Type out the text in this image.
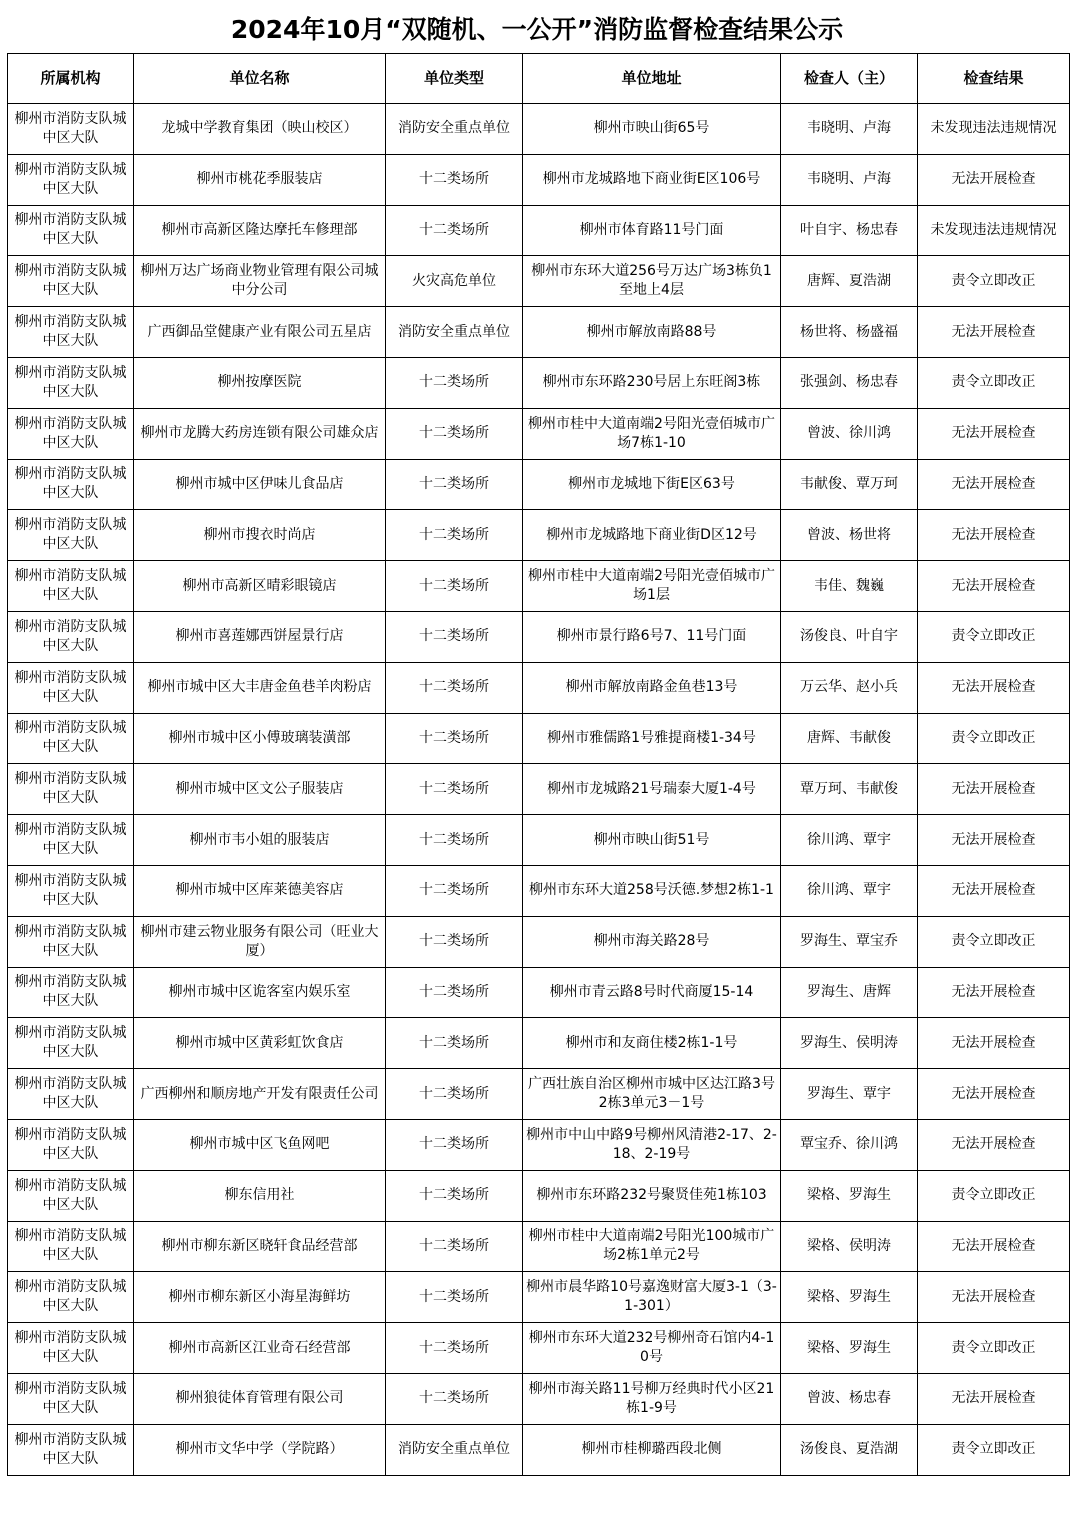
2024年10月“双随机、一公开”消防监督检查结果公示
所属机构	单位名称	单位类型	单位地址	检查人（主）	检查结果
柳州市消防支队城中区大队	龙城中学教育集团（映山校区）	消防安全重点单位	柳州市映山街65号	韦晓明、卢海	未发现违法违规情况
柳州市消防支队城中区大队	柳州市桃花季服装店	十二类场所	柳州市龙城路地下商业街E区106号	韦晓明、卢海	无法开展检查
柳州市消防支队城中区大队	柳州市高新区隆达摩托车修理部	十二类场所	柳州市体育路11号门面	叶自宇、杨忠春	未发现违法违规情况
柳州市消防支队城中区大队	柳州万达广场商业物业管理有限公司城中分公司	火灾高危单位	柳州市东环大道256号万达广场3栋负1至地上4层	唐辉、夏浩湖	责令立即改正
柳州市消防支队城中区大队	广西御品堂健康产业有限公司五星店	消防安全重点单位	柳州市解放南路88号	杨世将、杨盛福	无法开展检查
柳州市消防支队城中区大队	柳州按摩医院	十二类场所	柳州市东环路230号居上东旺阁3栋	张强剑、杨忠春	责令立即改正
柳州市消防支队城中区大队	柳州市龙腾大药房连锁有限公司雄众店	十二类场所	柳州市桂中大道南端2号阳光壹佰城市广场7栋1-10	曾波、徐川鸿	无法开展检查
柳州市消防支队城中区大队	柳州市城中区伊味儿食品店	十二类场所	柳州市龙城地下街E区63号	韦献俊、覃万珂	无法开展检查
柳州市消防支队城中区大队	柳州市搜衣时尚店	十二类场所	柳州市龙城路地下商业街D区12号	曾波、杨世将	无法开展检查
柳州市消防支队城中区大队	柳州市高新区晴彩眼镜店	十二类场所	柳州市桂中大道南端2号阳光壹佰城市广场1层	韦佳、魏巍	无法开展检查
柳州市消防支队城中区大队	柳州市喜莲娜西饼屋景行店	十二类场所	柳州市景行路6号7、11号门面	汤俊良、叶自宇	责令立即改正
柳州市消防支队城中区大队	柳州市城中区大丰唐金鱼巷羊肉粉店	十二类场所	柳州市解放南路金鱼巷13号	万云华、赵小兵	无法开展检查
柳州市消防支队城中区大队	柳州市城中区小傅玻璃装潢部	十二类场所	柳州市雅儒路1号雅提商楼1-34号	唐辉、韦献俊	责令立即改正
柳州市消防支队城中区大队	柳州市城中区文公子服装店	十二类场所	柳州市龙城路21号瑞泰大厦1-4号	覃万珂、韦献俊	无法开展检查
柳州市消防支队城中区大队	柳州市韦小姐的服装店	十二类场所	柳州市映山街51号	徐川鸿、覃宇	无法开展检查
柳州市消防支队城中区大队	柳州市城中区库莱德美容店	十二类场所	柳州市东环大道258号沃德.梦想2栋1-1	徐川鸿、覃宇	无法开展检查
柳州市消防支队城中区大队	柳州市建云物业服务有限公司（旺业大厦）	十二类场所	柳州市海关路28号	罗海生、覃宝乔	责令立即改正
柳州市消防支队城中区大队	柳州市城中区诡客室内娱乐室	十二类场所	柳州市青云路8号时代商厦15-14	罗海生、唐辉	无法开展检查
柳州市消防支队城中区大队	柳州市城中区黄彩虹饮食店	十二类场所	柳州市和友商住楼2栋1-1号	罗海生、侯明涛	无法开展检查
柳州市消防支队城中区大队	广西柳州和顺房地产开发有限责任公司	十二类场所	广西壮族自治区柳州市城中区达江路3号2栋3单元3－1号	罗海生、覃宇	无法开展检查
柳州市消防支队城中区大队	柳州市城中区飞鱼网吧	十二类场所	柳州市中山中路9号柳州风清港2-17、2-18、2-19号	覃宝乔、徐川鸿	无法开展检查
柳州市消防支队城中区大队	柳东信用社	十二类场所	柳州市东环路232号聚贤佳苑1栋103	梁格、罗海生	责令立即改正
柳州市消防支队城中区大队	柳州市柳东新区晓轩食品经营部	十二类场所	柳州市桂中大道南端2号阳光100城市广场2栋1单元2号	梁格、侯明涛	无法开展检查
柳州市消防支队城中区大队	柳州市柳东新区小海星海鲜坊	十二类场所	柳州市晨华路10号嘉逸财富大厦3-1（3-1-301）	梁格、罗海生	无法开展检查
柳州市消防支队城中区大队	柳州市高新区江业奇石经营部	十二类场所	柳州市东环大道232号柳州奇石馆内4-10号	梁格、罗海生	责令立即改正
柳州市消防支队城中区大队	柳州狼徒体育管理有限公司	十二类场所	柳州市海关路11号柳万经典时代小区21栋1-9号	曾波、杨忠春	无法开展检查
柳州市消防支队城中区大队	柳州市文华中学（学院路）	消防安全重点单位	柳州市桂柳璐西段北侧	汤俊良、夏浩湖	责令立即改正
